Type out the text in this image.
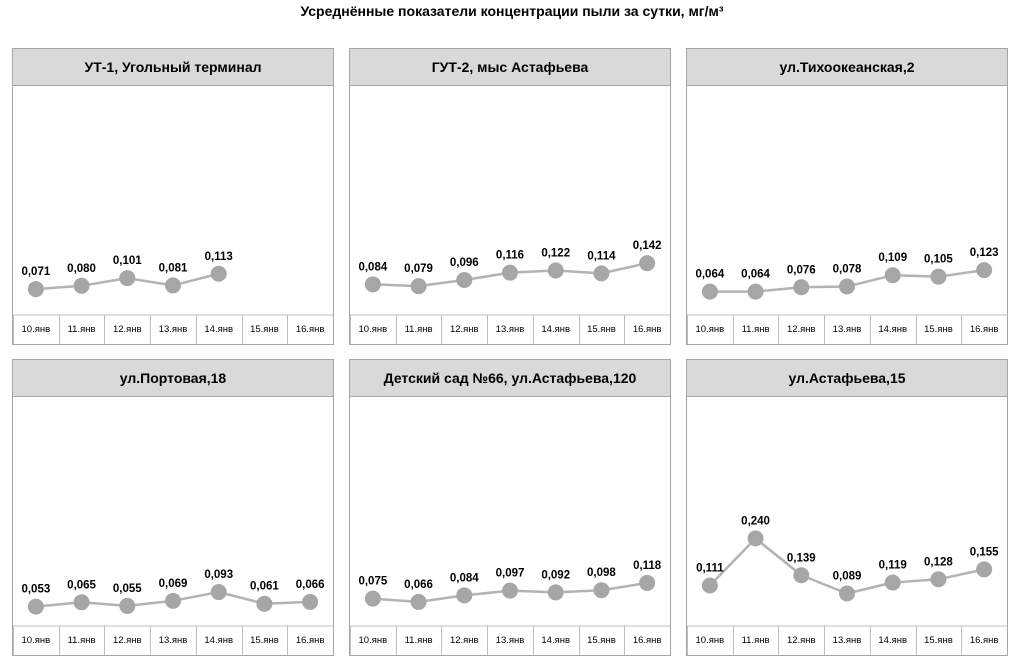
Усреднённые показатели концентрации пыли за сутки, мг/м³
УТ-1, Угольный терминал
10.янв 11.янв 12.янв 13.янв 14.янв 15.янв 16.янв
0,071 0,080
0,101
0,081
0,113
ГУТ-2, мыс Астафьева
10.янв 11.янв 12.янв 13.янв 14.янв 15.янв 16.янв
0,084 0,079
0,096
0,116 0,122 0,114
0,142
ул.Тихоокеанская,2
10.янв 11.янв 12.янв 13.янв 14.янв 15.янв 16.янв
0,064 0,064 0,076 0,078
0,109 0,105
0,123
ул.Портовая,18
10.янв 11.янв 12.янв 13.янв 14.янв 15.янв 16.янв
0,053 0,065 0,055 0,069
0,093
0,061 0,066
Детский сад №66, ул.Астафьева,120
10.янв 11.янв 12.янв 13.янв 14.янв 15.янв 16.янв
0,075 0,066
0,084 0,097 0,092 0,098
0,118
ул.Астафьева,15
10.янв 11.янв 12.янв 13.янв 14.янв 15.янв 16.янв
0,111
0,240
0,139
0,089
0,119 0,128
0,155
